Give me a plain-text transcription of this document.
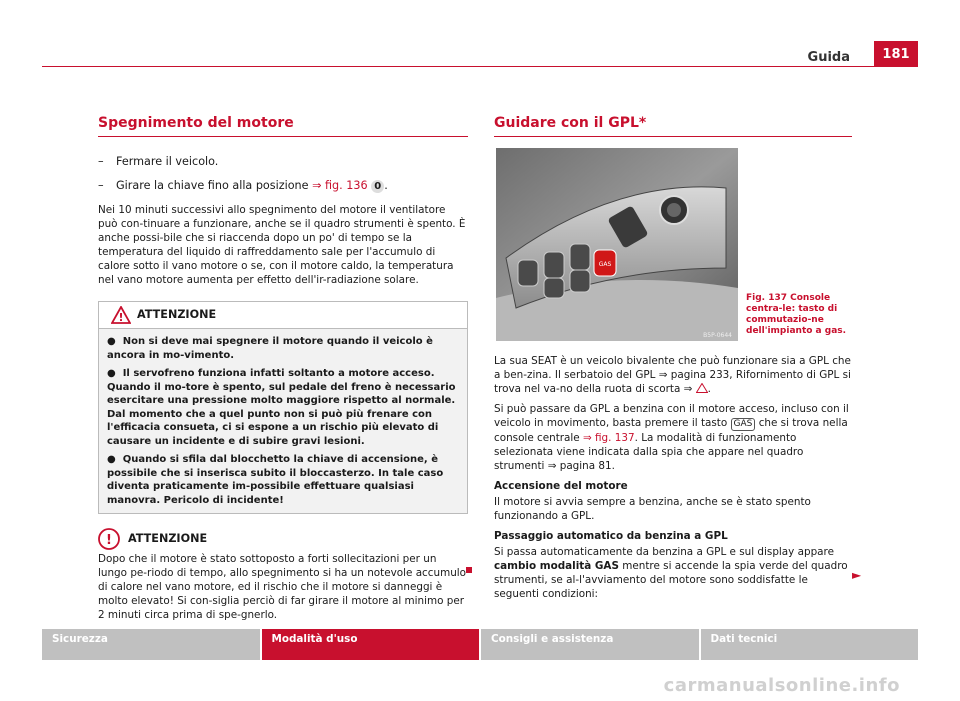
Guida	181
Spegnimento del motore
–	Fermare il veicolo.
–	Girare la chiave fino alla posizione ⇒ fig. 136 0 .

Nei 10 minuti successivi allo spegnimento del motore il ventilatore può con-tinuare a funzionare, anche se il quadro strumenti è spento. È anche possi-bile che si riaccenda dopo un po' di tempo se la temperatura del liquido di raffreddamento sale per l'accumulo di calore sotto il vano motore o se, con il motore caldo, la temperatura nel vano motore aumenta per effetto dell'ir-radiazione solare.

! ATTENZIONE

●  Non si deve mai spegnere il motore quando il veicolo è ancora in mo-vimento.

●  Il servofreno funziona infatti soltanto a motore acceso. Quando il mo-tore è spento, sul pedale del freno è necessario esercitare una pressione molto maggiore rispetto al normale. Dal momento che a quel punto non si può più frenare con l'efficacia consueta, ci si espone a un rischio più elevato di causare un incidente e di subire gravi lesioni.

●  Quando si sfila dal blocchetto la chiave di accensione, è possibile che si inserisca subito il bloccasterzo. In tale caso diventa praticamente im-possibile effettuare qualsiasi manovra. Pericolo di incidente!

! ATTENZIONE

Dopo che il motore è stato sottoposto a forti sollecitazioni per un lungo pe-riodo di tempo, allo spegnimento si ha un notevole accumulo di calore nel vano motore, ed il rischio che il motore si danneggi è molto elevato! Si con-siglia perciò di far girare il motore al minimo per 2 minuti circa prima di spe-gnerlo.

Guidare con il GPL*
GAS
B5P-0644
Fig. 137 Console centra-le: tasto di commutazio-ne dell'impianto a gas.

La sua SEAT è un veicolo bivalente che può funzionare sia a GPL che a ben-zina. Il serbatoio del GPL ⇒ pagina 233, Rifornimento di GPL si trova nel va-no della ruota di scorta ⇒ .

Si può passare da GPL a benzina con il motore acceso, incluso con il veicolo in movimento, basta premere il tasto GAS che si trova nella console centrale ⇒ fig. 137. La modalità di funzionamento selezionata viene indicata dalla spia che appare nel quadro strumenti ⇒ pagina 81.

Accensione del motore

Il motore si avvia sempre a benzina, anche se è stato spento funzionando a GPL.

Passaggio automatico da benzina a GPL

Si passa automaticamente da benzina a GPL e sul display appare cambio modalità GAS mentre si accende la spia verde del quadro strumenti, se al-l'avviamento del motore sono soddisfatte le seguenti condizioni:

►
Sicurezza	Modalità d'uso	Consigli e assistenza	Dati tecnici
carmanualsonline.info
